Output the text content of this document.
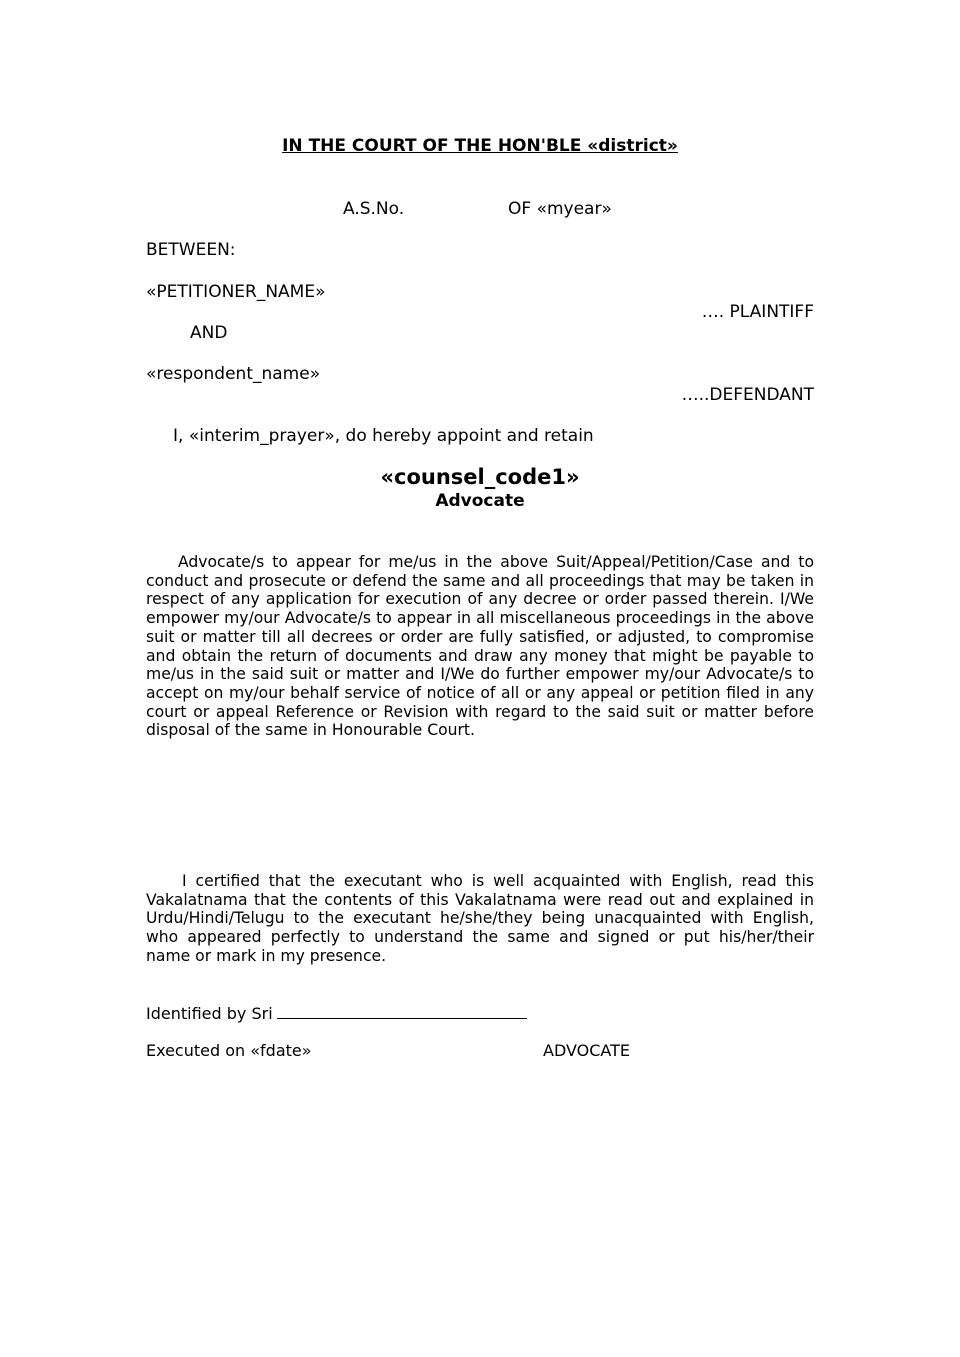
IN THE COURT OF THE HON'BLE «district»
A.S.No.	OF «myear»
BETWEEN:
«PETITIONER_NAME»
…. PLAINTIFF
AND
«respondent_name»
…..DEFENDANT
I, «interim_prayer», do hereby appoint and retain
«counsel_code1»
Advocate
Advocate/s to appear for me/us in the above Suit/Appeal/Petition/Case and to conduct and prosecute or defend the same and all proceedings that may be taken in respect of any application for execution of any decree or order passed therein. I/We empower my/our Advocate/s to appear in all miscellaneous proceedings in the above suit or matter till all decrees or order are fully satisfied, or adjusted, to compromise and obtain the return of documents and draw any money that might be payable to me/us in the said suit or matter and I/We do further empower my/our Advocate/s to accept on my/our behalf service of notice of all or any appeal or petition filed in any court or appeal Reference or Revision with regard to the said suit or matter before disposal of the same in Honourable Court.
I certified that the executant who is well acquainted with English, read this Vakalatnama that the contents of this Vakalatnama were read out and explained in Urdu/Hindi/Telugu to the executant he/she/they being unacquainted with English, who appeared perfectly to understand the same and signed or put his/her/their name or mark in my presence.
Identified by Sri
Executed on «fdate»	ADVOCATE
